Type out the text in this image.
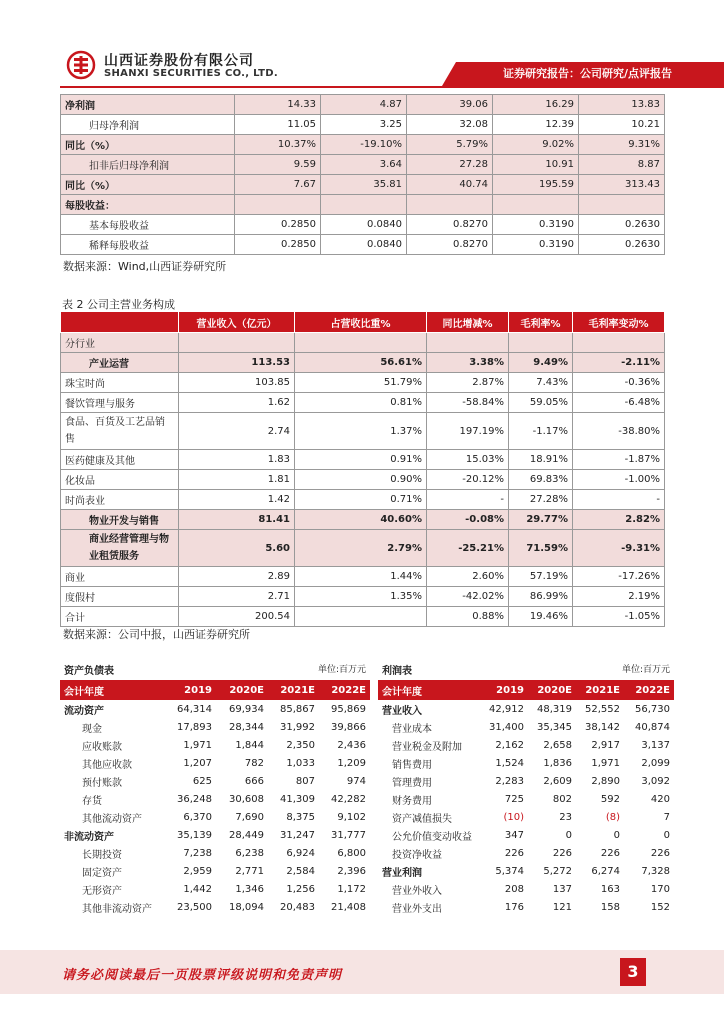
山西证券股份有限公司
SHANXI SECURITIES CO., LTD.	证券研究报告：公司研究/点评报告
净利润	14.33	4.87	39.06	16.29	13.83
归母净利润	11.05	3.25	32.08	12.39	10.21
同比（%）	10.37%	-19.10%	5.79%	9.02%	9.31%
扣非后归母净利润	9.59	3.64	27.28	10.91	8.87
同比（%）	7.67	35.81	40.74	195.59	313.43
每股收益：					
基本每股收益	0.2850	0.0840	0.8270	0.3190	0.2630
稀释每股收益	0.2850	0.0840	0.8270	0.3190	0.2630
数据来源：Wind,山西证券研究所
表 2 公司主营业务构成
	营业收入（亿元）	占营收比重%	同比增减%	毛利率%	毛利率变动%
分行业					
产业运营	113.53	56.61%	3.38%	9.49%	-2.11%
珠宝时尚	103.85	51.79%	2.87%	7.43%	-0.36%
餐饮管理与服务	1.62	0.81%	-58.84%	59.05%	-6.48%
食品、百货及工艺品销售	2.74	1.37%	197.19%	-1.17%	-38.80%
医药健康及其他	1.83	0.91%	15.03%	18.91%	-1.87%
化妆品	1.81	0.90%	-20.12%	69.83%	-1.00%
时尚表业	1.42	0.71%	-	27.28%	-
物业开发与销售	81.41	40.60%	-0.08%	29.77%	2.82%
商业经营管理与物业租赁服务	5.60	2.79%	-25.21%	71.59%	-9.31%
商业	2.89	1.44%	2.60%	57.19%	-17.26%
度假村	2.71	1.35%	-42.02%	86.99%	2.19%
合计	200.54		0.88%	19.46%	-1.05%
数据来源：公司中报，山西证券研究所
资产负债表	单位:百万元
会计年度	2019	2020E	2021E	2022E
流动资产	64,314	69,934	85,867	95,869
现金	17,893	28,344	31,992	39,866
应收账款	1,971	1,844	2,350	2,436
其他应收款	1,207	782	1,033	1,209
预付账款	625	666	807	974
存货	36,248	30,608	41,309	42,282
其他流动资产	6,370	7,690	8,375	9,102
非流动资产	35,139	28,449	31,247	31,777
长期投资	7,238	6,238	6,924	6,800
固定资产	2,959	2,771	2,584	2,396
无形资产	1,442	1,346	1,256	1,172
其他非流动资产	23,500	18,094	20,483	21,408
利润表	单位:百万元
会计年度	2019	2020E	2021E	2022E
营业收入	42,912	48,319	52,552	56,730
营业成本	31,400	35,345	38,142	40,874
营业税金及附加	2,162	2,658	2,917	3,137
销售费用	1,524	1,836	1,971	2,099
管理费用	2,283	2,609	2,890	3,092
财务费用	725	802	592	420
资产减值损失	(10)	23	(8)	7
公允价值变动收益	347	0	0	0
投资净收益	226	226	226	226
营业利润	5,374	5,272	6,274	7,328
营业外收入	208	137	163	170
营业外支出	176	121	158	152
请务必阅读最后一页股票评级说明和免责声明	3
